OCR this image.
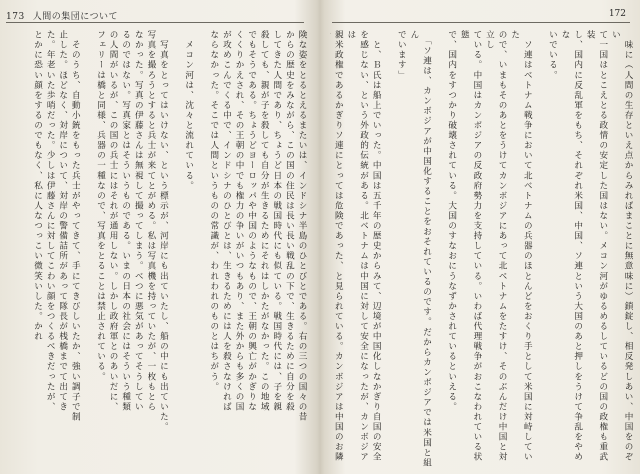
173 人間の集団について
険な姿をとるとえるまたいは、インドシナ半島のひとびとである。右の三つの国々の昔
からの歴史をみながら、この国の住民は長い長い戦乱の下で、生きるために自分を殺
してきた人間であり、ちょうど日本の戦国時代にも似ている。戦国時代には、子を親
殺しても、親が子を殺しても自分が生きるためにそれはしかたがなかった。この地域
でもそうである。ちょうどヨーロッパや中国のようなもので、王朝の興亡がかぎりな
くくりかえされ、その王朝の中でも権力の争いがいつもあり、また外からも多くの国
が攻めこんでくる中で、インドシナのひとびとは、生きるためには人を殺さなければ
ならなかった。そこでは人間というものの常識が、われわれのものとはちがう。

　メコン河は、沈々と流れている。

　写真をとってはいけない、という標示が、河岸にも出ていたし、船の中にも出ていた。
写真を撮ろうとすると兵士が来てとがめる。私は写真機を持っていたが、一枚もとら
なかった。写真の伊藤さんは無視して撮ってしまう。べつに悪気があってそうしてい
るのではない。写真家とはそういうものである。いまの日本の社会にはそういう種類
の人間がいるが、この国の兵士にはそれが通用しない。しかし政府軍とのあいだに、
フェリーは橋と同様、兵器の一種なので、写真をとることは禁止されている。

　そのうち、自動小銃をもった兵士がやってきて、手にてきびしいたか、強い調子で制
止した。ほどなく、対岸について、対岸の警備詰所があって隊長が桟橋までて出てき
た。年老いた歩哨だった。少しは伊藤さんに対してこわい顔をつくるべきだったが、
とかに恐い顔をするのでもなく、私に人なつっこい微笑いした。かれ
172
　味に（人間の生存といえ点からみればまことに無意味に）鎖錠し、相反発しあい、中国をのぞい
て一国はとこえとる政情の安定した国はない。メコン河がゆるめるしているどの国の政権も重武装
し、国内に反乱軍をもち、それぞれ米国、中国、ソ連という大国のあと押しをうけて争乱をやめな
いでいる。

　ソ連はベトナム戦争において北ベトナムの兵器のほとんどをおくり手として米国に対峙していた
ので、いまもそのあとをうけてカンボジアにあって北ベトナムをたすけ、そのぶんだけ中国と対立し
ている。中国はカンボジアの反政府勢力を支持している。いわば代理戦争がおこなわれている状態
で、国内をすつかり破壊されている。大国のすなおにうなずかされているといえる。

　「ソ連は、カンボジアが中国化することをおそれているのです。だからカンボジアでは米国と組ん
でいます」

　と、Ｂ氏は船上でいった。中国は五千年の歴史からみて、辺境が中国化しなかぎり自国の安全
を感じない、という外政的伝統がある。北ベトナムは中国に対して安全になったが、カンボジアは
親米政権であるかぎりソ連にとっては危険であった、と見られている。カンボジアは中国のお隣
